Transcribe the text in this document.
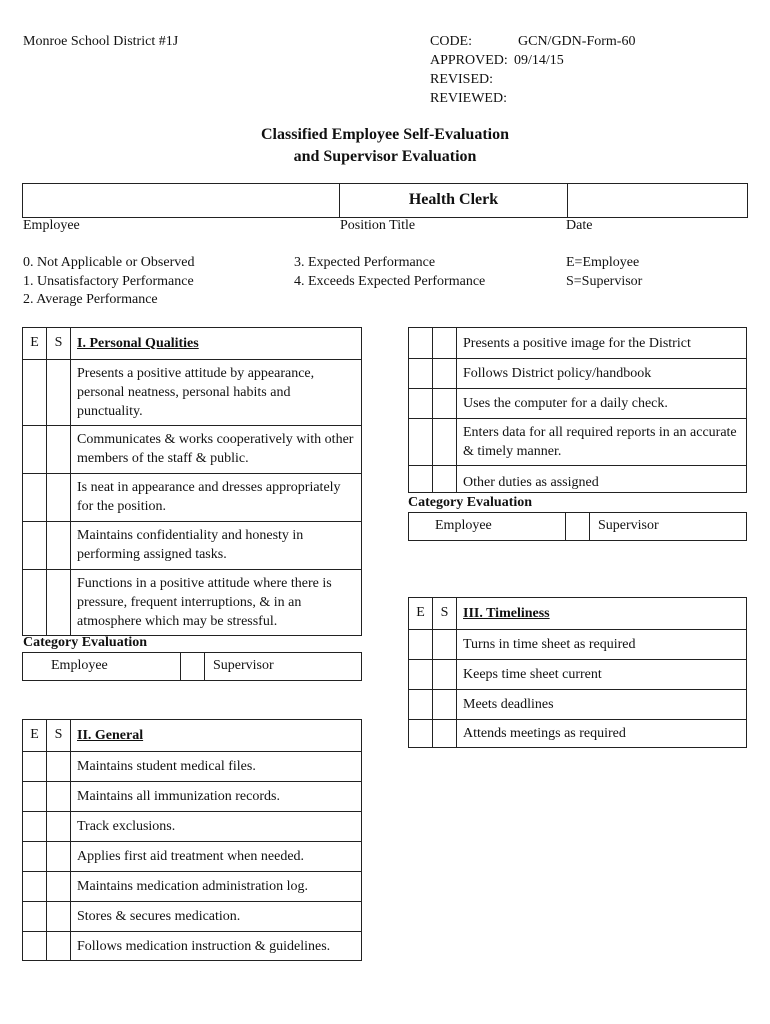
Monroe School District #1J	CODE:	GCN/GDN-Form-60
APPROVED: 09/14/15
REVISED:
REVIEWED:
Classified Employee Self-Evaluation
and Supervisor Evaluation
	Health Clerk	
Employee	Position Title	Date
0. Not Applicable or Observed
1. Unsatisfactory Performance
2. Average Performance
3. Expected Performance
4. Exceeds Expected Performance
E=Employee
S=Supervisor
E	S	I. Personal Qualities
		Presents a positive attitude by appearance, personal neatness, personal habits and punctuality.
		Communicates & works cooperatively with other members of the staff & public.
		Is neat in appearance and dresses appropriately for the position.
		Maintains confidentiality and honesty in performing assigned tasks.
		Functions in a positive attitude where there is pressure, frequent interruptions, & in an atmosphere which may be stressful.
Category Evaluation
Employee		Supervisor
		Presents a positive image for the District
		Follows District policy/handbook
		Uses the computer for a daily check.
		Enters data for all required reports in an accurate & timely manner.
		Other duties as assigned
Category Evaluation
Employee		Supervisor
E	S	III. Timeliness
		Turns in time sheet as required
		Keeps time sheet current
		Meets deadlines
		Attends meetings as required
E	S	II. General
		Maintains student medical files.
		Maintains all immunization records.
		Track exclusions.
		Applies first aid treatment when needed.
		Maintains medication administration log.
		Stores & secures medication.
		Follows medication instruction & guidelines.
